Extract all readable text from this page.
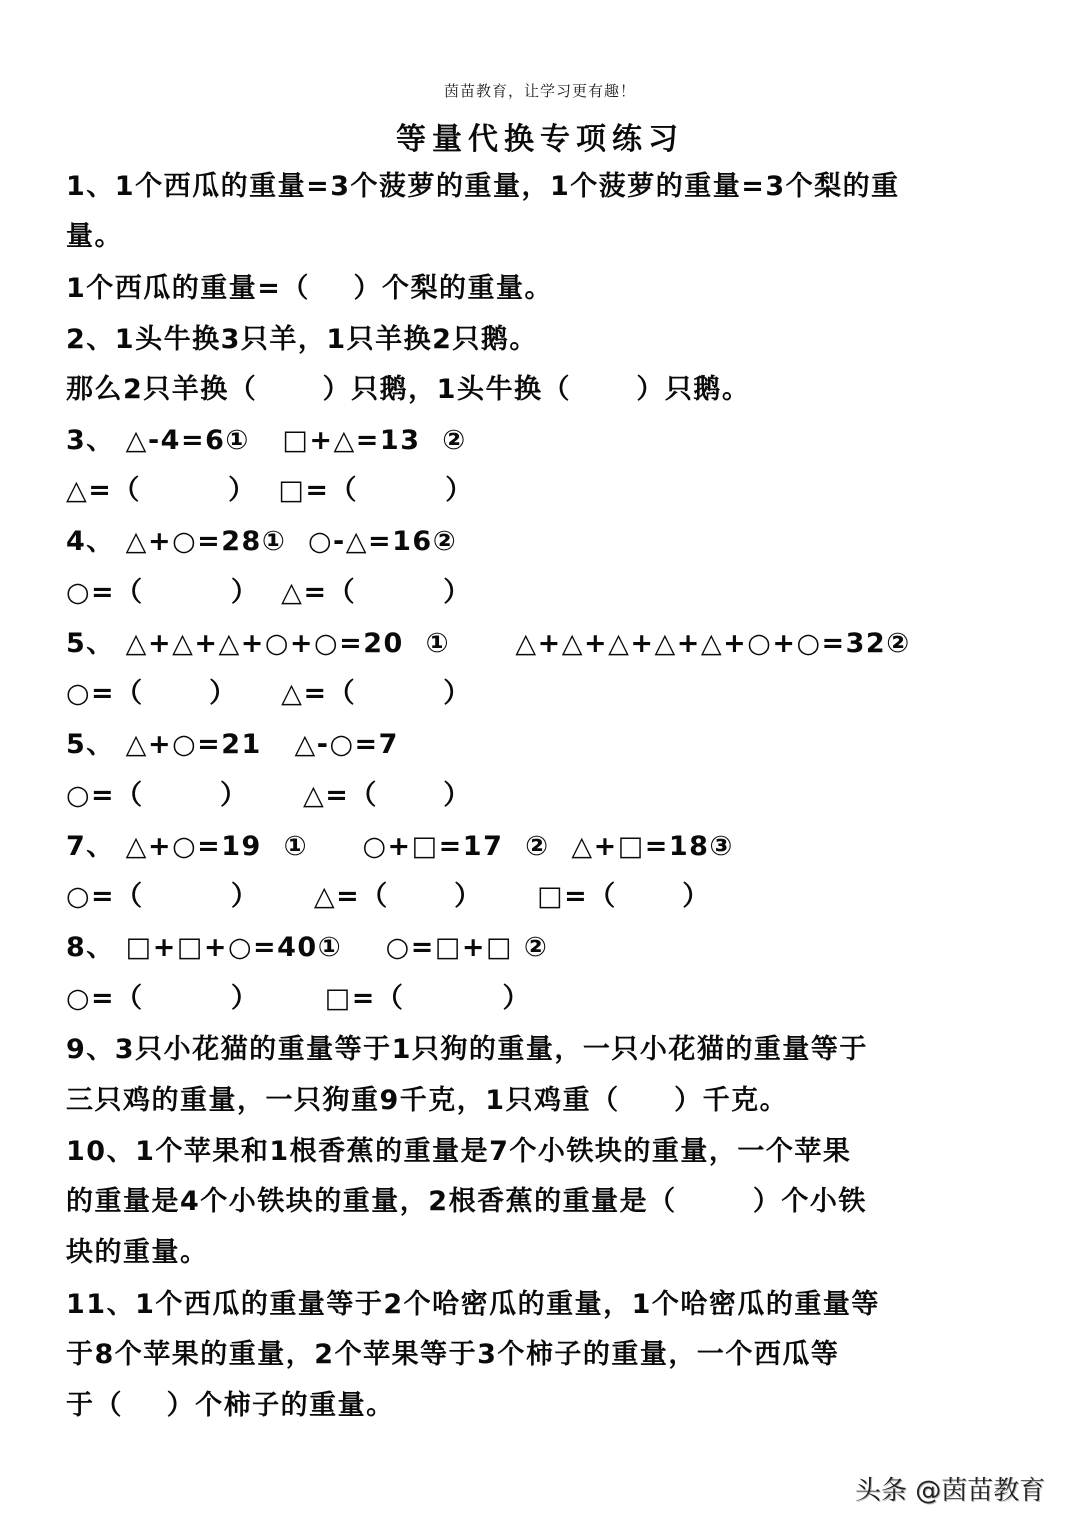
茵苗教育，让学习更有趣！
等量代换专项练习
1、1个西瓜的重量=3个菠萝的重量，1个菠萝的重量=3个梨的重
量。
1个西瓜的重量=（    ）个梨的重量。
2、1头牛换3只羊，1只羊换2只鹅。
那么2只羊换（      ）只鹅，1头牛换（      ）只鹅。
3、 △-4=6①   □+△=13  ②
△=（        ）  □=（        ）
4、 △+○=28①  ○-△=16②
○=（        ）  △=（        ）
5、 △+△+△+○+○=20  ①      △+△+△+△+△+○+○=32②
○=（      ）    △=（        ）
5、 △+○=21   △-○=7
○=（       ）     △=（      ）
7、 △+○=19  ①     ○+□=17  ②  △+□=18③
○=（        ）     △=（      ）     □=（      ）
8、 □+□+○=40①    ○=□+□ ②
○=（        ）      □=（         ）
9、3只小花猫的重量等于1只狗的重量，一只小花猫的重量等于
三只鸡的重量，一只狗重9千克，1只鸡重（     ）千克。
10、1个苹果和1根香蕉的重量是7个小铁块的重量，一个苹果
的重量是4个小铁块的重量，2根香蕉的重量是（       ）个小铁
块的重量。
11、1个西瓜的重量等于2个哈密瓜的重量，1个哈密瓜的重量等
于8个苹果的重量，2个苹果等于3个柿子的重量，一个西瓜等
于（    ）个柿子的重量。
头条 @茵苗教育
